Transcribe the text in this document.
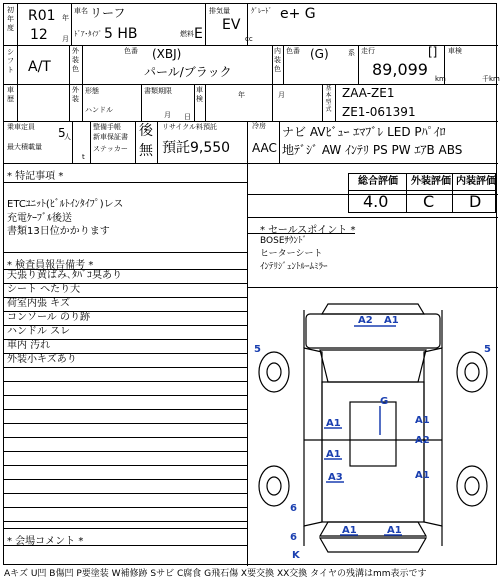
初年度
R01 年
12 月
車名 リーフ
ﾄﾞｱ･ﾀｲﾌﾟ 5 HB	燃料 E
排気量
EV
cc
ｸﾞﾚｰﾄﾞ e+ G
シフト A/T
外装色
色番 (XBJ)
パール/ブラック
内装色
色番 (G)	系 走行	[]
89,099 km
車検
千km
車歴
外装
形態
ハンドル
書類期限
月 日
車検	年	月
基本型式
ZAA-ZE1
ZE1-061391
乗車定員 5
人
最大積載量
t
整備手帳
新車保証書
ステッカー
後
無
リサイクル料預託
預託9,550 AAC
冷房 ナビ AVﾋﾞｭｰ ｴﾏﾌﾞﾚ LED Pﾊﾟｲﾛ
地ﾃﾞｼﾞ AW ｲﾝﾃﾘ PS PW ｴｱB ABS
* 特記事項 *
ETCﾕﾆｯﾄ(ﾋﾞﾙﾄｲﾝﾀｲﾌﾟ)レス
充電ｹｰﾌﾞﾙ後送
書類13日位かかります
* 検査員報告備考 *
天張り黄ばみ､ﾀﾊﾞｺ臭あり
シート へたり大
荷室内張 キズ
コンソール のり跡
ハンドル スレ
車内 汚れ
外装小キズあり
* 会場コメント *
総合評価 外装評価 内装評価
4.0 C D
* セールスポイント *
BOSEｻｳﾝﾄﾞ
ヒーターシート
ｲﾝﾃﾘｼﾞｪﾝﾄﾙｰﾑﾐﾗｰ
A2 A1
5	5
G
A1	A1
A2
A1
A3	A1
6
6
A1	A1
K
Aキズ U凹 B傷凹 P要塗装 W補修跡 Sサビ C腐食 G飛石傷 X要交換 XX交換 タイヤの残溝はmm表示です
